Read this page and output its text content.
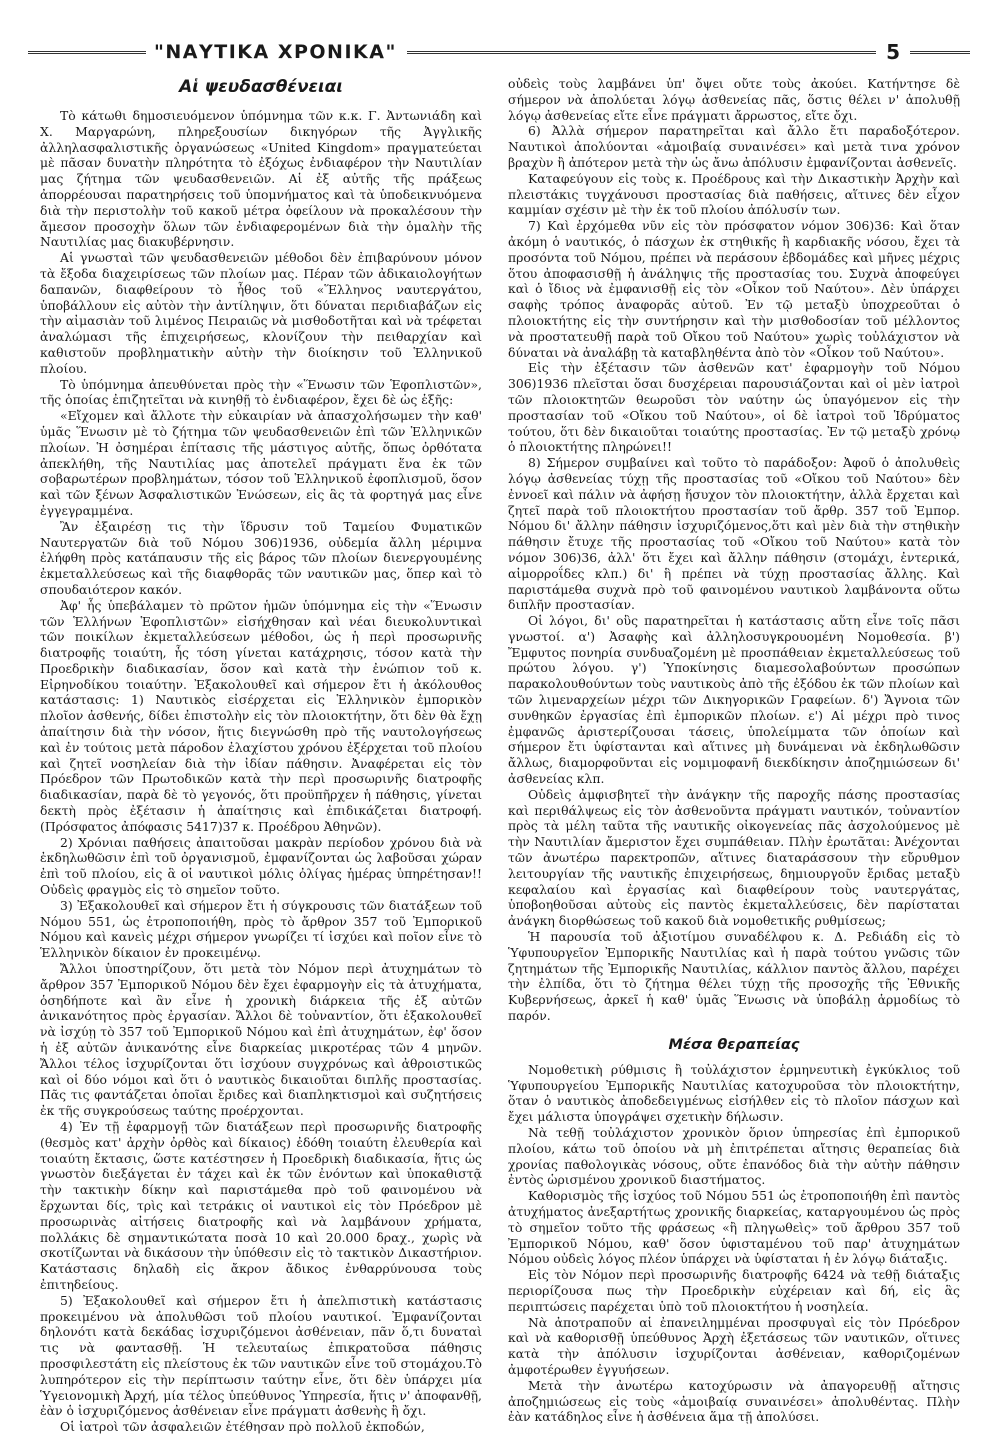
"ΝΑΥΤΙΚΑ ΧΡΟΝΙΚΑ"	5
Αἱ ψευδασθένειαι

Τὸ κάτωθι δημοσιευόμενον ὑπόμνημα τῶν κ.κ. Γ. Ἀντωνιάδη καὶ Χ. Μαργαρώνη, πληρεξουσίων δικηγόρων τῆς Ἀγγλικῆς ἀλληλασφαλιστικῆς ὀργανώσεως «United Kingdom» πραγματεύεται μὲ πᾶσαν δυνατὴν πληρότητα τὸ ἐξόχως ἐνδιαφέρον τὴν Ναυτιλίαν μας ζήτημα τῶν ψευδασθενειῶν. Αἱ ἐξ αὐτῆς τῆς πράξεως ἀπορρέουσαι παρατηρήσεις τοῦ ὑπομνήματος καὶ τὰ ὑποδεικνυόμενα διὰ τὴν περιστολὴν τοῦ κακοῦ μέτρα ὀφείλουν νὰ προκαλέσουν τὴν ἄμεσον προσοχὴν ὅλων τῶν ἐνδιαφερομένων διὰ τὴν ὁμαλὴν τῆς Ναυτιλίας μας διακυβέρνησιν.

Αἱ γνωσταὶ τῶν ψευδασθενειῶν μέθοδοι δὲν ἐπιβαρύνουν μόνον τὰ ἔξοδα διαχειρίσεως τῶν πλοίων μας. Πέραν τῶν ἀδικαιολογήτων δαπανῶν, διαφθείρουν τὸ ἦθος τοῦ «Ἕλληνος ναυτεργάτου, ὑποβάλλουν εἰς αὐτὸν τὴν ἀντίληψιν, ὅτι δύναται περιδιαβάζων εἰς τὴν αἰμασιὰν τοῦ λιμένος Πειραιῶς νὰ μισθοδοτῆται καὶ νὰ τρέφεται ἀναλώμασι τῆς ἐπιχειρήσεως, κλονίζουν τὴν πειθαρχίαν καὶ καθιστοῦν προβληματικὴν αὐτὴν τὴν διοίκησιν τοῦ Ἑλληνικοῦ πλοίου.

Τὸ ὑπόμνημα ἀπευθύνεται πρὸς τὴν «Ἕνωσιν τῶν Ἑφοπλιστῶν», τῆς ὁποίας ἐπιζητεῖται νὰ κινηθῇ τὸ ἐνδιαφέρον, ἔχει δὲ ὡς ἑξῆς:

«Εἴχομεν καὶ ἄλλοτε τὴν εὐκαιρίαν νὰ ἀπασχολήσωμεν τὴν καθ' ὑμᾶς Ἕνωσιν μὲ τὸ ζήτημα τῶν ψευδασθενειῶν ἐπὶ τῶν Ἑλληνικῶν πλοίων. Ἡ ὀσημέραι ἐπίτασις τῆς μάστιγος αὐτῆς, ὅπως ὀρθότατα ἀπεκλήθη, τῆς Ναυτιλίας μας ἀποτελεῖ πράγματι ἕνα ἐκ τῶν σοβαρωτέρων προβλημάτων, τόσον τοῦ Ἑλληνικοῦ ἐφοπλισμοῦ, ὅσον καὶ τῶν ξένων Ἀσφαλιστικῶν Ἑνώσεων, εἰς ἃς τὰ φορτηγά μας εἶνε ἐγγεγραμμένα.

Ἂν ἐξαιρέσῃ τις τὴν ἵδρυσιν τοῦ Ταμείου Φυματικῶν Ναυτεργατῶν διὰ τοῦ Νόμου 306)1936, οὐδεμία ἄλλη μέριμνα ἐλήφθη πρὸς κατάπαυσιν τῆς εἰς βάρος τῶν πλοίων διενεργουμένης ἐκμεταλλεύσεως καὶ τῆς διαφθορᾶς τῶν ναυτικῶν μας, ὅπερ καὶ τὸ σπουδαιότερον κακόν.

Ἀφ' ἧς ὑπεβάλαμεν τὸ πρῶτον ἡμῶν ὑπόμνημα εἰς τὴν «Ἕνωσιν τῶν Ἑλλήνων Ἑφοπλιστῶν» εἰσήχθησαν καὶ νέαι διευκολυντικαὶ τῶν ποικίλων ἐκμεταλλεύσεων μέθοδοι, ὡς ἡ περὶ προσωρινῆς διατροφῆς τοιαύτη, ἧς τόση γίνεται κατάχρησις, τόσον κατὰ τὴν Προεδρικὴν διαδικασίαν, ὅσον καὶ κατὰ τὴν ἐνώπιον τοῦ κ. Εἰρηνοδίκου τοιαύτην. Ἐξακολουθεῖ καὶ σήμερον ἔτι ἡ ἀκόλουθος κατάστασις: 1) Ναυτικὸς εἰσέρχεται εἰς Ἑλληνικὸν ἐμπορικὸν πλοῖον ἀσθενής, δίδει ἐπιστολὴν εἰς τὸν πλοιοκτήτην, ὅτι δὲν θὰ ἔχῃ ἀπαίτησιν διὰ τὴν νόσον, ἥτις διεγνώσθη πρὸ τῆς ναυτολογήσεως καὶ ἐν τούτοις μετὰ πάροδον ἐλαχίστου χρόνου ἐξέρχεται τοῦ πλοίου καὶ ζητεῖ νοσηλείαν διὰ τὴν ἰδίαν πάθησιν. Ἀναφέρεται εἰς τὸν Πρόεδρον τῶν Πρωτοδικῶν κατὰ τὴν περὶ προσωρινῆς διατροφῆς διαδικασίαν, παρὰ δὲ τὸ γεγονός, ὅτι προϋπῆρχεν ἡ πάθησις, γίνεται δεκτὴ πρὸς ἐξέτασιν ἡ ἀπαίτησις καὶ ἐπιδικάζεται διατροφή. (Πρόσφατος ἀπόφασις 5417)37 κ. Προέδρου Ἀθηνῶν).

2) Χρόνιαι παθήσεις ἀπαιτοῦσαι μακρὰν περίοδον χρόνου διὰ νὰ ἐκδηλωθῶσιν ἐπὶ τοῦ ὀργανισμοῦ, ἐμφανίζονται ὡς λαβοῦσαι χώραν ἐπὶ τοῦ πλοίου, εἰς ἃ οἱ ναυτικοὶ μόλις ὀλίγας ἡμέρας ὑπηρέτησαν!! Οὐδεὶς φραγμὸς εἰς τὸ σημεῖον τοῦτο.

3) Ἐξακολουθεῖ καὶ σήμερον ἔτι ἡ σύγκρουσις τῶν διατάξεων τοῦ Νόμου 551, ὡς ἐτροποποιήθη, πρὸς τὸ ἄρθρον 357 τοῦ Ἐμπορικοῦ Νόμου καὶ κανεὶς μέχρι σήμερον γνωρίζει τί ἰσχύει καὶ ποῖον εἶνε τὸ Ἑλληνικὸν δίκαιον ἐν προκειμένῳ.

Ἄλλοι ὑποστηρίζουν, ὅτι μετὰ τὸν Νόμον περὶ ἀτυχημάτων τὸ ἄρθρον 357 Ἐμπορικοῦ Νόμου δὲν ἔχει ἐφαρμογὴν εἰς τὰ ἀτυχήματα, ὁσηδήποτε καὶ ἂν εἶνε ἡ χρονικὴ διάρκεια τῆς ἐξ αὐτῶν ἀνικανότητος πρὸς ἐργασίαν. Ἄλλοι δὲ τοὐναντίον, ὅτι ἐξακολουθεῖ νὰ ἰσχύῃ τὸ 357 τοῦ Ἐμπορικοῦ Νόμου καὶ ἐπὶ ἀτυχημάτων, ἐφ' ὅσον ἡ ἐξ αὐτῶν ἀνικανότης εἶνε διαρκείας μικροτέρας τῶν 4 μηνῶν. Ἄλλοι τέλος ἰσχυρίζονται ὅτι ἰσχύουν συγχρόνως καὶ ἀθροιστικῶς καὶ οἱ δύο νόμοι καὶ ὅτι ὁ ναυτικὸς δικαιοῦται διπλῆς προστασίας. Πᾶς τις φαντάζεται ὁποῖαι ἔριδες καὶ διαπληκτισμοὶ καὶ συζητήσεις ἐκ τῆς συγκρούσεως ταύτης προέρχονται.

4) Ἐν τῇ ἐφαρμογῇ τῶν διατάξεων περὶ προσωρινῆς διατροφῆς (θεσμὸς κατ' ἀρχὴν ὀρθὸς καὶ δίκαιος) ἐδόθη τοιαύτη ἐλευθερία καὶ τοιαύτη ἔκτασις, ὥστε κατέστησεν ἡ Προεδρικὴ διαδικασία, ἥτις ὡς γνωστὸν διεξάγεται ἐν τάχει καὶ ἐκ τῶν ἐνόντων καὶ ὑποκαθιστᾷ τὴν τακτικὴν δίκην καὶ παριστάμεθα πρὸ τοῦ φαινομένου νὰ ἔρχωνται δίς, τρὶς καὶ τετράκις οἱ ναυτικοὶ εἰς τὸν Πρόεδρον μὲ προσωρινὰς αἰτήσεις διατροφῆς καὶ νὰ λαμβάνουν χρήματα, πολλάκις δὲ σημαντικώτατα ποσὰ 10 καὶ 20.000 δραχ., χωρὶς νὰ σκοτίζωνται νὰ δικάσουν τὴν ὑπόθεσιν εἰς τὸ τακτικὸν Δικαστήριον. Κατάστασις δηλαδὴ εἰς ἄκρον ἄδικος ἐνθαρρύνουσα τοὺς ἐπιτηδείους.

5) Ἐξακολουθεῖ καὶ σήμερον ἔτι ἡ ἀπελπιστικὴ κατάστασις προκειμένου νὰ ἀπολυθῶσι τοῦ πλοίου ναυτικοί. Ἐμφανίζονται δηλονότι κατὰ δεκάδας ἰσχυριζόμενοι ἀσθένειαν, πᾶν ὅ,τι δυναταὶ τις νὰ φαντασθῇ. Ἡ τελευταίως ἐπικρατοῦσα πάθησις προσφιλεστάτη εἰς πλείστους ἐκ τῶν ναυτικῶν εἶνε τοῦ στομάχου.Τὸ λυπηρότερον εἰς τὴν περίπτωσιν ταύτην εἶνε, ὅτι δὲν ὑπάρχει μία Ὑγειονομικὴ Ἀρχή, μία τέλος ὑπεύθυνος Ὑπηρεσία, ἥτις ν' ἀποφανθῇ, ἐὰν ὁ ἰσχυριζόμενος ἀσθένειαν εἶνε πράγματι ἀσθενὴς ἢ ὄχι.

Οἱ ἰατροὶ τῶν ἀσφαλειῶν ἐτέθησαν πρὸ πολλοῦ ἐκποδών,

οὐδεὶς τοὺς λαμβάνει ὑπ' ὄψει οὔτε τοὺς ἀκούει. Κατήντησε δὲ σήμερον νὰ ἀπολύεται λόγῳ ἀσθενείας πᾶς, ὅστις θέλει ν' ἀπολυθῇ λόγῳ ἀσθενείας εἴτε εἶνε πράγματι ἄρρωστος, εἴτε ὄχι.

6) Ἀλλὰ σήμερον παρατηρεῖται καὶ ἄλλο ἔτι παραδοξότερον. Ναυτικοὶ ἀπολύονται «ἀμοιβαίᾳ συναινέσει» καὶ μετὰ τινα χρόνον βραχὺν ἢ ἀπότερον μετὰ τὴν ὡς ἄνω ἀπόλυσιν ἐμφανίζονται ἀσθενεῖς.

Καταφεύγουν εἰς τοὺς κ. Προέδρους καὶ τὴν Δικαστικὴν Ἀρχὴν καὶ πλειστάκις τυγχάνουσι προστασίας διὰ παθήσεις, αἵτινες δὲν εἶχον καμμίαν σχέσιν μὲ τὴν ἐκ τοῦ πλοίου ἀπόλυσίν των.

7) Καὶ ἐρχόμεθα νῦν εἰς τὸν πρόσφατον νόμον 306)36: Καὶ ὅταν ἀκόμη ὁ ναυτικός, ὁ πάσχων ἐκ στηθικῆς ἢ καρδιακῆς νόσου, ἔχει τὰ προσόντα τοῦ Νόμου, πρέπει νὰ περάσουν ἑβδομάδες καὶ μῆνες μέχρις ὅτου ἀποφασισθῇ ἡ ἀνάληψις τῆς προστασίας του. Συχνὰ ἀποφεύγει καὶ ὁ ἴδιος νὰ ἐμφανισθῇ εἰς τὸν «Οἶκον τοῦ Ναύτου». Δὲν ὑπάρχει σαφὴς τρόπος ἀναφορᾶς αὐτοῦ. Ἐν τῷ μεταξὺ ὑποχρεοῦται ὁ πλοιοκτήτης εἰς τὴν συντήρησιν καὶ τὴν μισθοδοσίαν τοῦ μέλλοντος νὰ προστατευθῇ παρὰ τοῦ Οἴκου τοῦ Ναύτου» χωρὶς τοὐλάχιστον νὰ δύναται νὰ ἀναλάβῃ τὰ καταβληθέντα ἀπὸ τὸν «Οἶκον τοῦ Ναύτου».

Εἰς τὴν ἐξέτασιν τῶν ἀσθενῶν κατ' ἐφαρμογὴν τοῦ Νόμου 306)1936 πλεῖσται ὅσαι δυσχέρειαι παρουσιάζονται καὶ οἱ μὲν ἰατροὶ τῶν πλοιοκτητῶν θεωροῦσι τὸν ναύτην ὡς ὑπαγόμενον εἰς τὴν προστασίαν τοῦ «Οἴκου τοῦ Ναύτου», οἱ δὲ ἰατροὶ τοῦ Ἱδρύματος τούτου, ὅτι δὲν δικαιοῦται τοιαύτης προστασίας. Ἐν τῷ μεταξὺ χρόνῳ ὁ πλοιοκτήτης πληρώνει!!

8) Σήμερον συμβαίνει καὶ τοῦτο τὸ παράδοξον: Ἀφοῦ ὁ ἀπολυθεὶς λόγῳ ἀσθενείας τύχῃ τῆς προστασίας τοῦ «Οἴκου τοῦ Ναύτου» δὲν ἐννοεῖ καὶ πάλιν νὰ ἀφήσῃ ἥσυχον τὸν πλοιοκτήτην, ἀλλὰ ἔρχεται καὶ ζητεῖ παρὰ τοῦ πλοιοκτήτου προστασίαν τοῦ ἄρθρ. 357 τοῦ Ἐμπορ. Νόμου δι' ἄλλην πάθησιν ἰσχυριζόμενος,ὅτι καὶ μὲν διὰ τὴν στηθικὴν πάθησιν ἔτυχε τῆς προστασίας τοῦ «Οἴκου τοῦ Ναύτου» κατὰ τὸν νόμον 306)36, ἀλλ' ὅτι ἔχει καὶ ἄλλην πάθησιν (στομάχι, ἐντερικά, αἱμορροΐδες κλπ.) δι' ἣ πρέπει νὰ τύχῃ προστασίας ἄλλης. Καὶ παριστάμεθα συχνὰ πρὸ τοῦ φαινομένου ναυτικοὺ λαμβάνοντα οὕτω διπλῆν προστασίαν.

Οἱ λόγοι, δι' οὓς παρατηρεῖται ἡ κατάστασις αὕτη εἶνε τοῖς πᾶσι γνωστοί. α') Ἀσαφὴς καὶ ἀλληλοσυγκρουομένη Νομοθεσία. β') Ἔμφυτος πονηρία συνδυαζομένη μὲ προσπάθειαν ἐκμεταλλεύσεως τοῦ πρώτου λόγου. γ') Ὑποκίνησις διαμεσολαβούντων προσώπων παρακολουθούντων τοὺς ναυτικοὺς ἀπὸ τῆς ἐξόδου ἐκ τῶν πλοίων καὶ τῶν λιμεναρχείων μέχρι τῶν Δικηγορικῶν Γραφείων. δ') Ἄγνοια τῶν συνθηκῶν ἐργασίας ἐπὶ ἐμπορικῶν πλοίων. ε') Αἱ μέχρι πρὸ τινος ἐμφανῶς ἀριστερίζουσαι τάσεις, ὑπολείμματα τῶν ὁποίων καὶ σήμερον ἔτι ὑφίστανται καὶ αἵτινες μὴ δυνάμεναι νὰ ἐκδηλωθῶσιν ἄλλως, διαμορφοῦνται εἰς νομιμοφανῆ διεκδίκησιν ἀποζημιώσεων δι' ἀσθενείας κλπ.

Οὐδεὶς ἀμφισβητεῖ τὴν ἀνάγκην τῆς παροχῆς πάσης προστασίας καὶ περιθάλψεως εἰς τὸν ἀσθενοῦντα πράγματι ναυτικόν, τοὐναντίον πρὸς τὰ μέλη ταῦτα τῆς ναυτικῆς οἰκογενείας πᾶς ἀσχολούμενος μὲ τὴν Ναυτιλίαν ἄμεριστον ἔχει συμπάθειαν. Πλὴν ἐρωτᾶται: Ἀνέχονται τῶν ἀνωτέρω παρεκτροπῶν, αἵτινες διαταράσσουν τὴν εὔρυθμον λειτουργίαν τῆς ναυτικῆς ἐπιχειρήσεως, δημιουργοῦν ἔριδας μεταξὺ κεφαλαίου καὶ ἐργασίας καὶ διαφθείρουν τοὺς ναυτεργάτας, ὑποβοηθοῦσαι αὐτοὺς εἰς παντὸς ἐκμεταλλεύσεις, δὲν παρίσταται ἀνάγκη διορθώσεως τοῦ κακοῦ διὰ νομοθετικῆς ρυθμίσεως;

Ἡ παρουσία τοῦ ἀξιοτίμου συναδέλφου κ. Δ. Ρεδιάδη εἰς τὸ Ὑφυπουργεῖον Ἐμπορικῆς Ναυτιλίας καὶ ἡ παρὰ τούτου γνῶσις τῶν ζητημάτων τῆς Ἐμπορικῆς Ναυτιλίας, κάλλιον παντὸς ἄλλου, παρέχει τὴν ἐλπίδα, ὅτι τὸ ζήτημα θέλει τύχῃ τῆς προσοχῆς τῆς Ἐθνικῆς Κυβερνήσεως, ἀρκεῖ ἡ καθ' ὑμᾶς Ἕνωσις νὰ ὑποβάλῃ ἁρμοδίως τὸ παρόν.

Μέσα θεραπείας

Νομοθετικὴ ρύθμισις ἢ τοὐλάχιστον ἑρμηνευτικὴ ἐγκύκλιος τοῦ Ὑφυπουργείου Ἐμπορικῆς Ναυτιλίας κατοχυροῦσα τὸν πλοιοκτήτην, ὅταν ὁ ναυτικὸς ἀποδεδειγμένως εἰσήλθεν εἰς τὸ πλοῖον πάσχων καὶ ἔχει μάλιστα ὑπογράψει σχετικὴν δήλωσιν.

Νὰ τεθῇ τοὐλάχιστον χρονικὸν ὅριον ὑπηρεσίας ἐπὶ ἐμπορικοῦ πλοίου, κάτω τοῦ ὁποίου νὰ μὴ ἐπιτρέπεται αἴτησις θεραπείας διὰ χρονίας παθολογικὰς νόσους, οὔτε ἐπανόδος διὰ τὴν αὐτὴν πάθησιν ἐντὸς ὡρισμένου χρονικοῦ διαστήματος.

Καθορισμὸς τῆς ἰσχύος τοῦ Νόμου 551 ὡς ἐτροποποιήθη ἐπὶ παντὸς ἀτυχήματος ἀνεξαρτήτως χρονικῆς διαρκείας, καταργουμένου ὡς πρὸς τὸ σημεῖον τοῦτο τῆς φράσεως «ἢ πληγωθεὶς» τοῦ ἄρθρου 357 τοῦ Ἐμπορικοῦ Νόμου, καθ' ὅσον ὑφισταμένου τοῦ παρ' ἀτυχημάτων Νόμου οὐδεὶς λόγος πλέον ὑπάρχει νὰ ὑφίσταται ἡ ἐν λόγῳ διάταξις.

Εἰς τὸν Νόμον περὶ προσωρινῆς διατροφῆς 6424 νὰ τεθῇ διάταξις περιορίζουσα πως τὴν Προεδρικὴν εὐχέρειαν καὶ δή, εἰς ἃς περιπτώσεις παρέχεται ὑπὸ τοῦ πλοιοκτήτου ἡ νοσηλεία.

Νὰ ἀποτραποῦν αἱ ἐπανειλημμέναι προσφυγαὶ εἰς τὸν Πρόεδρον καὶ νὰ καθορισθῇ ὑπεύθυνος Ἀρχὴ ἐξετάσεως τῶν ναυτικῶν, οἵτινες κατὰ τὴν ἀπόλυσιν ἰσχυρίζονται ἀσθένειαν, καθοριζομένων ἀμφοτέρωθεν ἐγγυήσεων.

Μετὰ τὴν ἀνωτέρω κατοχύρωσιν νὰ ἀπαγορευθῇ αἴτησις ἀποζημιώσεως εἰς τοὺς «ἀμοιβαίᾳ συναινέσει» ἀπολυθέντας. Πλὴν ἐὰν κατάδηλος εἶνε ἡ ἀσθένεια ἅμα τῇ ἀπολύσει.
